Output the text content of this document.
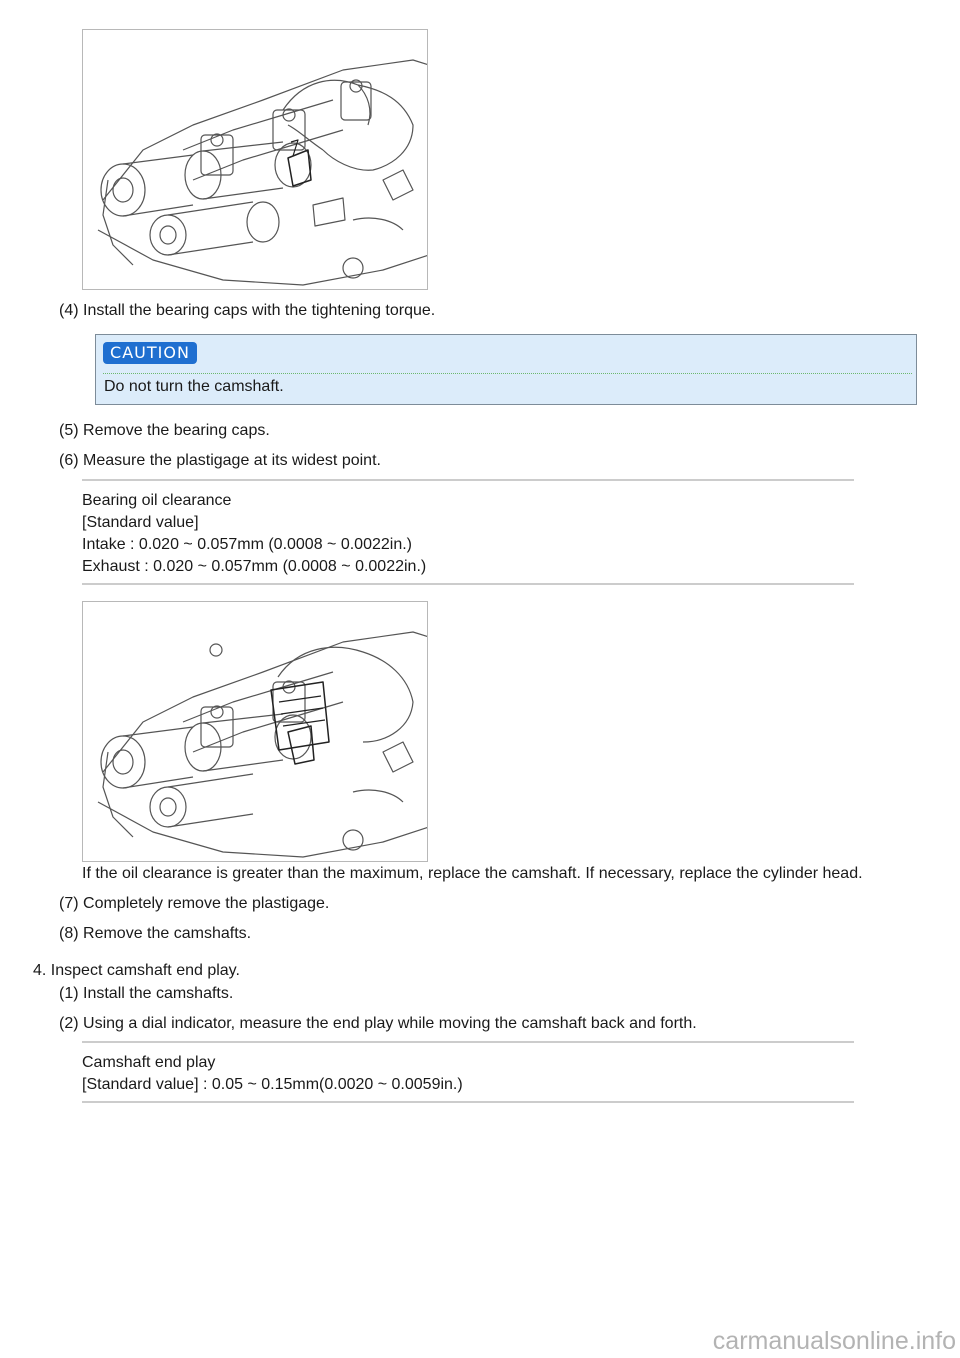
(4) Install the bearing caps with the tightening torque.
CAUTION
Do not turn the camshaft.
(5) Remove the bearing caps.
(6) Measure the plastigage at its widest point.
Bearing oil clearance
[Standard value]
Intake : 0.020 ~ 0.057mm (0.0008 ~ 0.0022in.)
Exhaust : 0.020 ~ 0.057mm (0.0008 ~ 0.0022in.)
If the oil clearance is greater than the maximum, replace the camshaft. If necessary, replace the cylinder head.
(7) Completely remove the plastigage.
(8) Remove the camshafts.
4. Inspect camshaft end play.
(1) Install the camshafts.
(2) Using a dial indicator, measure the end play while moving the camshaft back and forth.
Camshaft end play
[Standard value] : 0.05 ~ 0.15mm(0.0020 ~ 0.0059in.)
carmanualsonline.info
